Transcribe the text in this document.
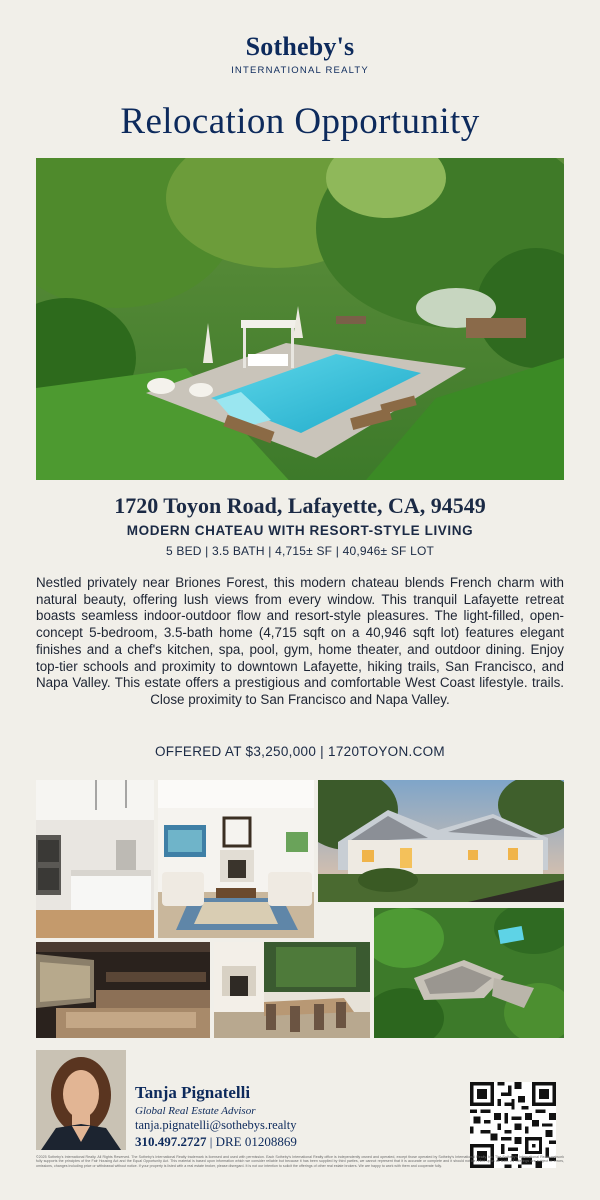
Sotheby's
INTERNATIONAL REALTY
Relocation Opportunity
1720 Toyon Road, Lafayette, CA, 94549
MODERN CHATEAU WITH RESORT-STYLE LIVING
5 BED | 3.5 BATH | 4,715± SF | 40,946± SF LOT
Nestled privately near Briones Forest, this modern chateau blends French charm with natural beauty, offering lush views from every window. This tranquil Lafayette retreat boasts seamless indoor-outdoor flow and resort-style pleasures. The light-filled, open-concept 5-bedroom, 3.5-bath home (4,715 sqft on a 40,946 sqft lot) features elegant finishes and a chef's kitchen, spa, pool, gym, home theater, and outdoor dining. Enjoy top-tier schools and proximity to downtown Lafayette, hiking trails, San Francisco, and Napa Valley. This estate offers a prestigious and comfortable West Coast lifestyle. trails. Close proximity to San Francisco and Napa Valley.
OFFERED AT $3,250,000 | 1720TOYON.COM
Tanja Pignatelli
Global Real Estate Advisor
tanja.pignatelli@sothebys.realty
310.497.2727 | DRE 01208869
©2025 Sotheby's International Realty. All Rights Reserved. The Sotheby's International Realty trademark is licensed and used with permission. Each Sotheby's International Realty office is independently owned and operated, except those operated by Sotheby's International Realty, Inc. The Sotheby's International Realty network fully supports the principles of the Fair Housing Act and the Equal Opportunity Act. This material is based upon information which we consider reliable but because it has been supplied by third parties, we cannot represent that it is accurate or complete and it should not be relied upon as such. All offerings are subject to errors, omissions, changes including price or withdrawal without notice. If your property is listed with a real estate broker, please disregard. It is not our intention to solicit the offerings of other real estate brokers. We are happy to work with them and cooperate fully.
